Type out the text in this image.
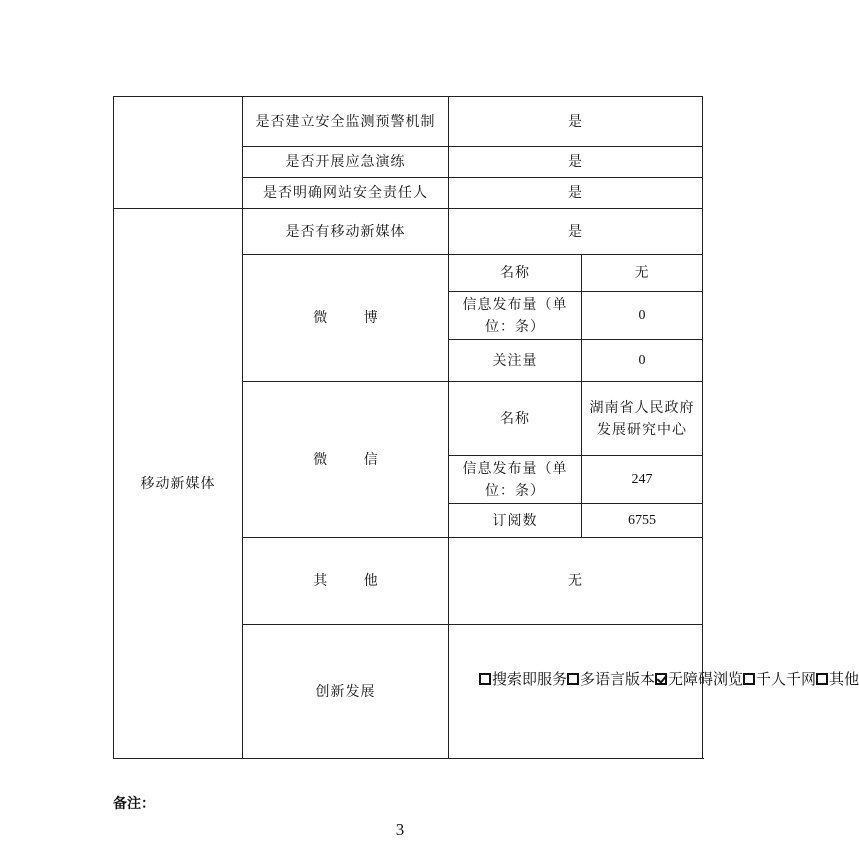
	是否建立安全监测预警机制	是	
	是否开展应急演练	是	
	是否明确网站安全责任人	是	
移动新媒体	是否有移动新媒体	是	
	微 博	名称	无
		信息发布量（单位：条）	0
		关注量	0
	微 信	名称	湖南省人民政府发展研究中心
		信息发布量（单位：条）	247
		订阅数	6755
	其 他	无	
	创新发展	搜索即服务 多语言版本 无障碍浏览 千人千网 其他	
备注：
3
